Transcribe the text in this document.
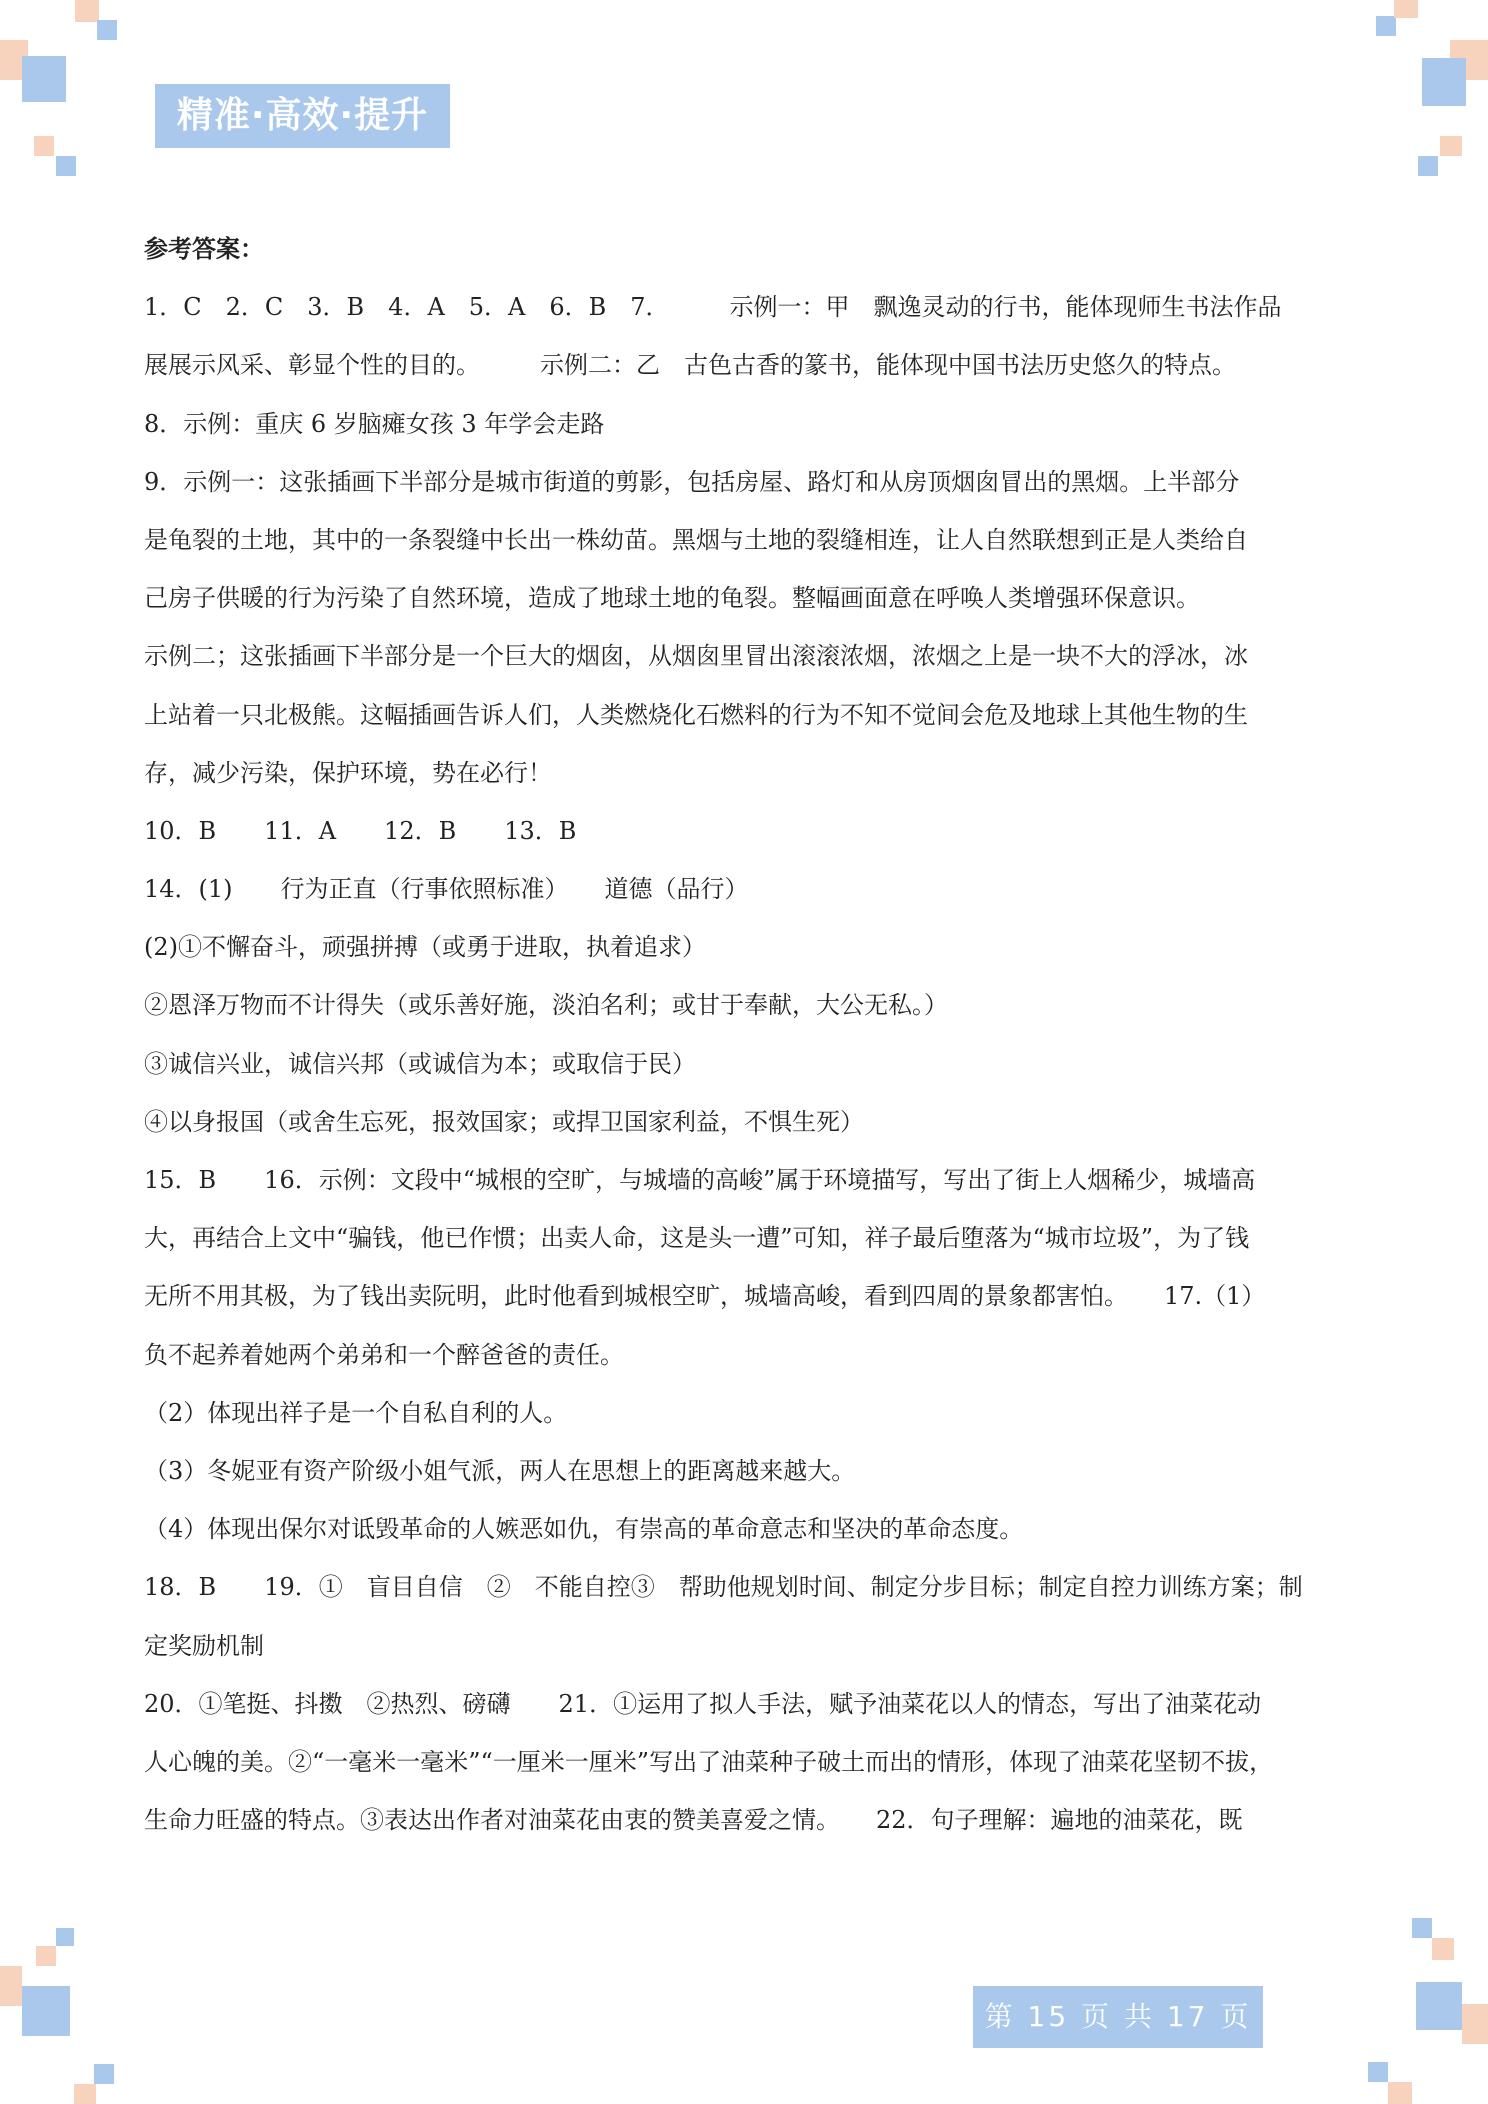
精准·高效·提升
参考答案：
1．C　2．C　3．B　4．A　5．A　6．B　7．　　　示例一：甲　飘逸灵动的行书，能体现师生书法作品
展展示风采、彰显个性的目的。　　　示例二：乙　古色古香的篆书，能体现中国书法历史悠久的特点。
8．示例：重庆 6 岁脑瘫女孩 3 年学会走路
9．示例一：这张插画下半部分是城市街道的剪影，包括房屋、路灯和从房顶烟囱冒出的黑烟。上半部分
是龟裂的土地，其中的一条裂缝中长出一株幼苗。黑烟与土地的裂缝相连，让人自然联想到正是人类给自
己房子供暖的行为污染了自然环境，造成了地球土地的龟裂。整幅画面意在呼唤人类增强环保意识。
示例二；这张插画下半部分是一个巨大的烟囱，从烟囱里冒出滚滚浓烟，浓烟之上是一块不大的浮冰，冰
上站着一只北极熊。这幅插画告诉人们，人类燃烧化石燃料的行为不知不觉间会危及地球上其他生物的生
存，减少污染，保护环境，势在必行！
10．B　　11．A　　12．B　　13．B
14．(1)　　行为正直（行事依照标准）　　道德（品行）
(2)①不懈奋斗，顽强拼搏（或勇于进取，执着追求）
②恩泽万物而不计得失（或乐善好施，淡泊名利；或甘于奉献，大公无私。）
③诚信兴业，诚信兴邦（或诚信为本；或取信于民）
④以身报国（或舍生忘死，报效国家；或捍卫国家利益，不惧生死）
15．B　　16．示例：文段中“城根的空旷，与城墙的高峻”属于环境描写，写出了街上人烟稀少，城墙高
大，再结合上文中“骗钱，他已作惯；出卖人命，这是头一遭”可知，祥子最后堕落为“城市垃圾”，为了钱
无所不用其极，为了钱出卖阮明，此时他看到城根空旷，城墙高峻，看到四周的景象都害怕。　　17.（1）
负不起养着她两个弟弟和一个醉爸爸的责任。
（2）体现出祥子是一个自私自利的人。
（3）冬妮亚有资产阶级小姐气派，两人在思想上的距离越来越大。
（4）体现出保尔对诋毁革命的人嫉恶如仇，有崇高的革命意志和坚决的革命态度。
18．B　　19．①　盲目自信　②　不能自控③　帮助他规划时间、制定分步目标；制定自控力训练方案；制
定奖励机制
20．①笔挺、抖擞　②热烈、磅礴　　21．①运用了拟人手法，赋予油菜花以人的情态，写出了油菜花动
人心魄的美。②“一毫米一毫米”“一厘米一厘米”写出了油菜种子破土而出的情形，体现了油菜花坚韧不拔，
生命力旺盛的特点。③表达出作者对油菜花由衷的赞美喜爱之情。　　22．句子理解：遍地的油菜花，既
第 15 页 共 17 页
